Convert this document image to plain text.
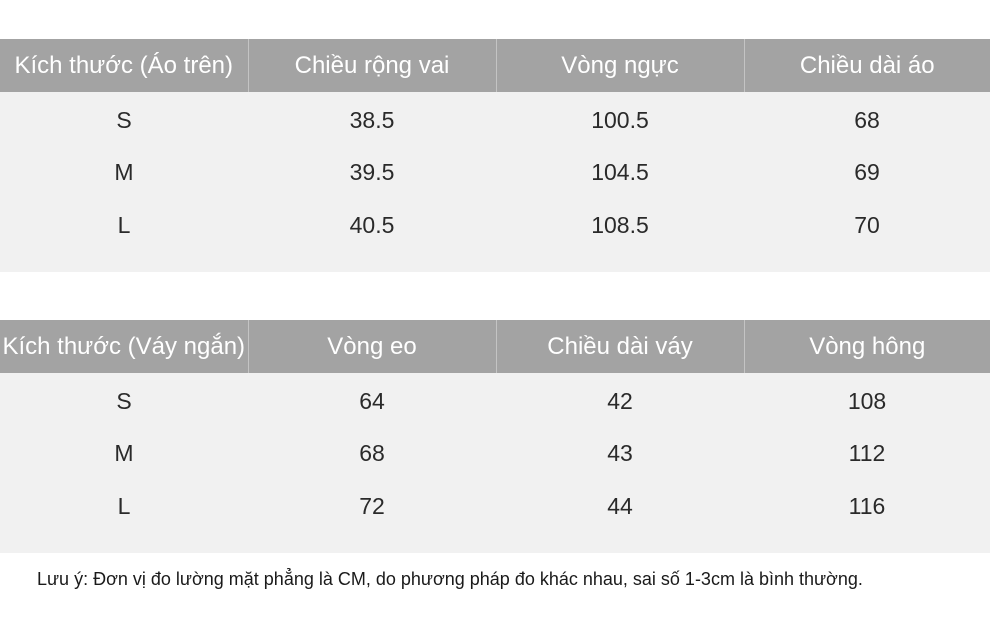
Kích thước (Áo trên)	Chiều rộng vai	Vòng ngực	Chiều dài áo
S	38.5	100.5	68
M	39.5	104.5	69
L	40.5	108.5	70
Kích thước (Váy ngắn)	Vòng eo	Chiều dài váy	Vòng hông
S	64	42	108
M	68	43	112
L	72	44	116
Lưu ý: Đơn vị đo lường mặt phẳng là CM, do phương pháp đo khác nhau, sai số 1-3cm là bình thường.
